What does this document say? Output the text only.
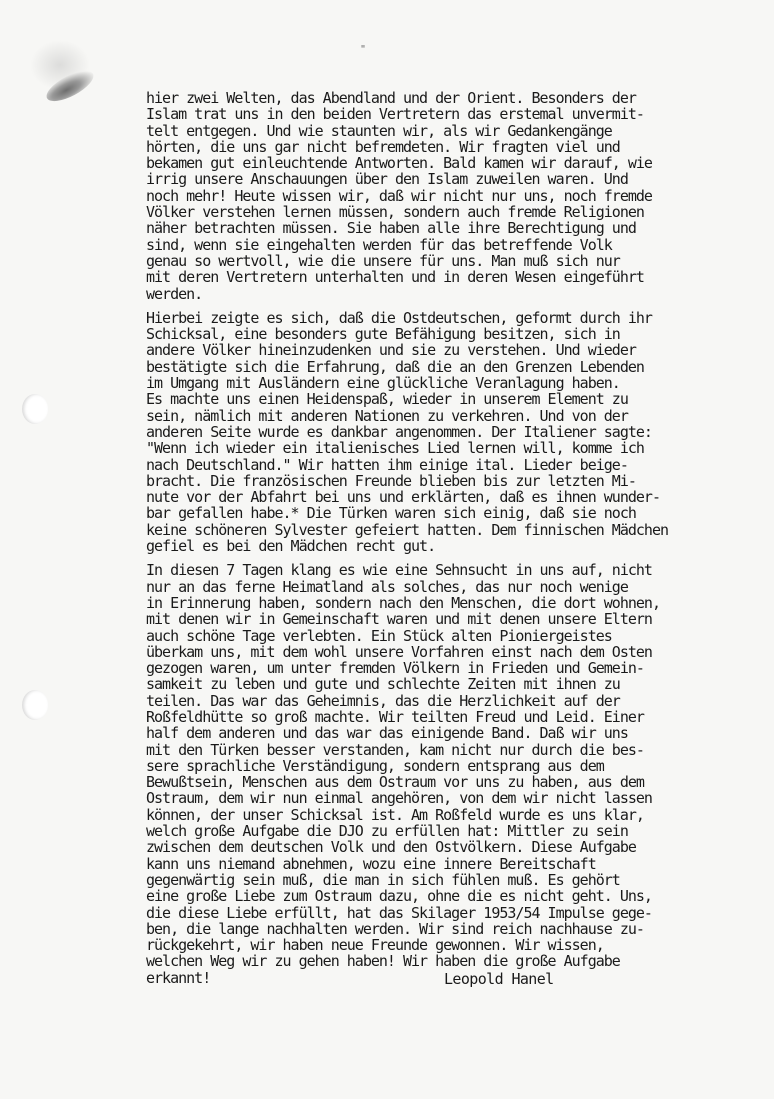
"
hier zwei Welten, das Abendland und der Orient. Besonders der
Islam trat uns in den beiden Vertretern das erstemal unvermit-
telt entgegen. Und wie staunten wir, als wir Gedankengänge
hörten, die uns gar nicht befremdeten. Wir fragten viel und
bekamen gut einleuchtende Antworten. Bald kamen wir darauf, wie
irrig unsere Anschauungen über den Islam zuweilen waren. Und
noch mehr! Heute wissen wir, daß wir nicht nur uns, noch fremde
Völker verstehen lernen müssen, sondern auch fremde Religionen
näher betrachten müssen. Sie haben alle ihre Berechtigung und
sind, wenn sie eingehalten werden für das betreffende Volk
genau so wertvoll, wie die unsere für uns. Man muß sich nur
mit deren Vertretern unterhalten und in deren Wesen eingeführt
werden.
Hierbei zeigte es sich, daß die Ostdeutschen, geformt durch ihr
Schicksal, eine besonders gute Befähigung besitzen, sich in
andere Völker hineinzudenken und sie zu verstehen. Und wieder
bestätigte sich die Erfahrung, daß die an den Grenzen Lebenden
im Umgang mit Ausländern eine glückliche Veranlagung haben.
Es machte uns einen Heidenspaß, wieder in unserem Element zu
sein, nämlich mit anderen Nationen zu verkehren. Und von der
anderen Seite wurde es dankbar angenommen. Der Italiener sagte:
"Wenn ich wieder ein italienisches Lied lernen will, komme ich
nach Deutschland." Wir hatten ihm einige ital. Lieder beige-
bracht. Die französischen Freunde blieben bis zur letzten Mi-
nute vor der Abfahrt bei uns und erklärten, daß es ihnen wunder-
bar gefallen habe.* Die Türken waren sich einig, daß sie noch
keine schöneren Sylvester gefeiert hatten. Dem finnischen Mädchen
gefiel es bei den Mädchen recht gut.
In diesen 7 Tagen klang es wie eine Sehnsucht in uns auf, nicht
nur an das ferne Heimatland als solches, das nur noch wenige
in Erinnerung haben, sondern nach den Menschen, die dort wohnen,
mit denen wir in Gemeinschaft waren und mit denen unsere Eltern
auch schöne Tage verlebten. Ein Stück alten Pioniergeistes
überkam uns, mit dem wohl unsere Vorfahren einst nach dem Osten
gezogen waren, um unter fremden Völkern in Frieden und Gemein-
samkeit zu leben und gute und schlechte Zeiten mit ihnen zu
teilen. Das war das Geheimnis, das die Herzlichkeit auf der
Roßfeldhütte so groß machte. Wir teilten Freud und Leid. Einer
half dem anderen und das war das einigende Band. Daß wir uns
mit den Türken besser verstanden, kam nicht nur durch die bes-
sere sprachliche Verständigung, sondern entsprang aus dem
Bewußtsein, Menschen aus dem Ostraum vor uns zu haben, aus dem
Ostraum, dem wir nun einmal angehören, von dem wir nicht lassen
können, der unser Schicksal ist. Am Roßfeld wurde es uns klar,
welch große Aufgabe die DJO zu erfüllen hat: Mittler zu sein
zwischen dem deutschen Volk und den Ostvölkern. Diese Aufgabe
kann uns niemand abnehmen, wozu eine innere Bereitschaft
gegenwärtig sein muß, die man in sich fühlen muß. Es gehört
eine große Liebe zum Ostraum dazu, ohne die es nicht geht. Uns,
die diese Liebe erfüllt, hat das Skilager 1953/54 Impulse gege-
ben, die lange nachhalten werden. Wir sind reich nachhause zu-
rückgekehrt, wir haben neue Freunde gewonnen. Wir wissen,
welchen Weg wir zu gehen haben! Wir haben die große Aufgabe
erkannt!	Leopold Hanel
